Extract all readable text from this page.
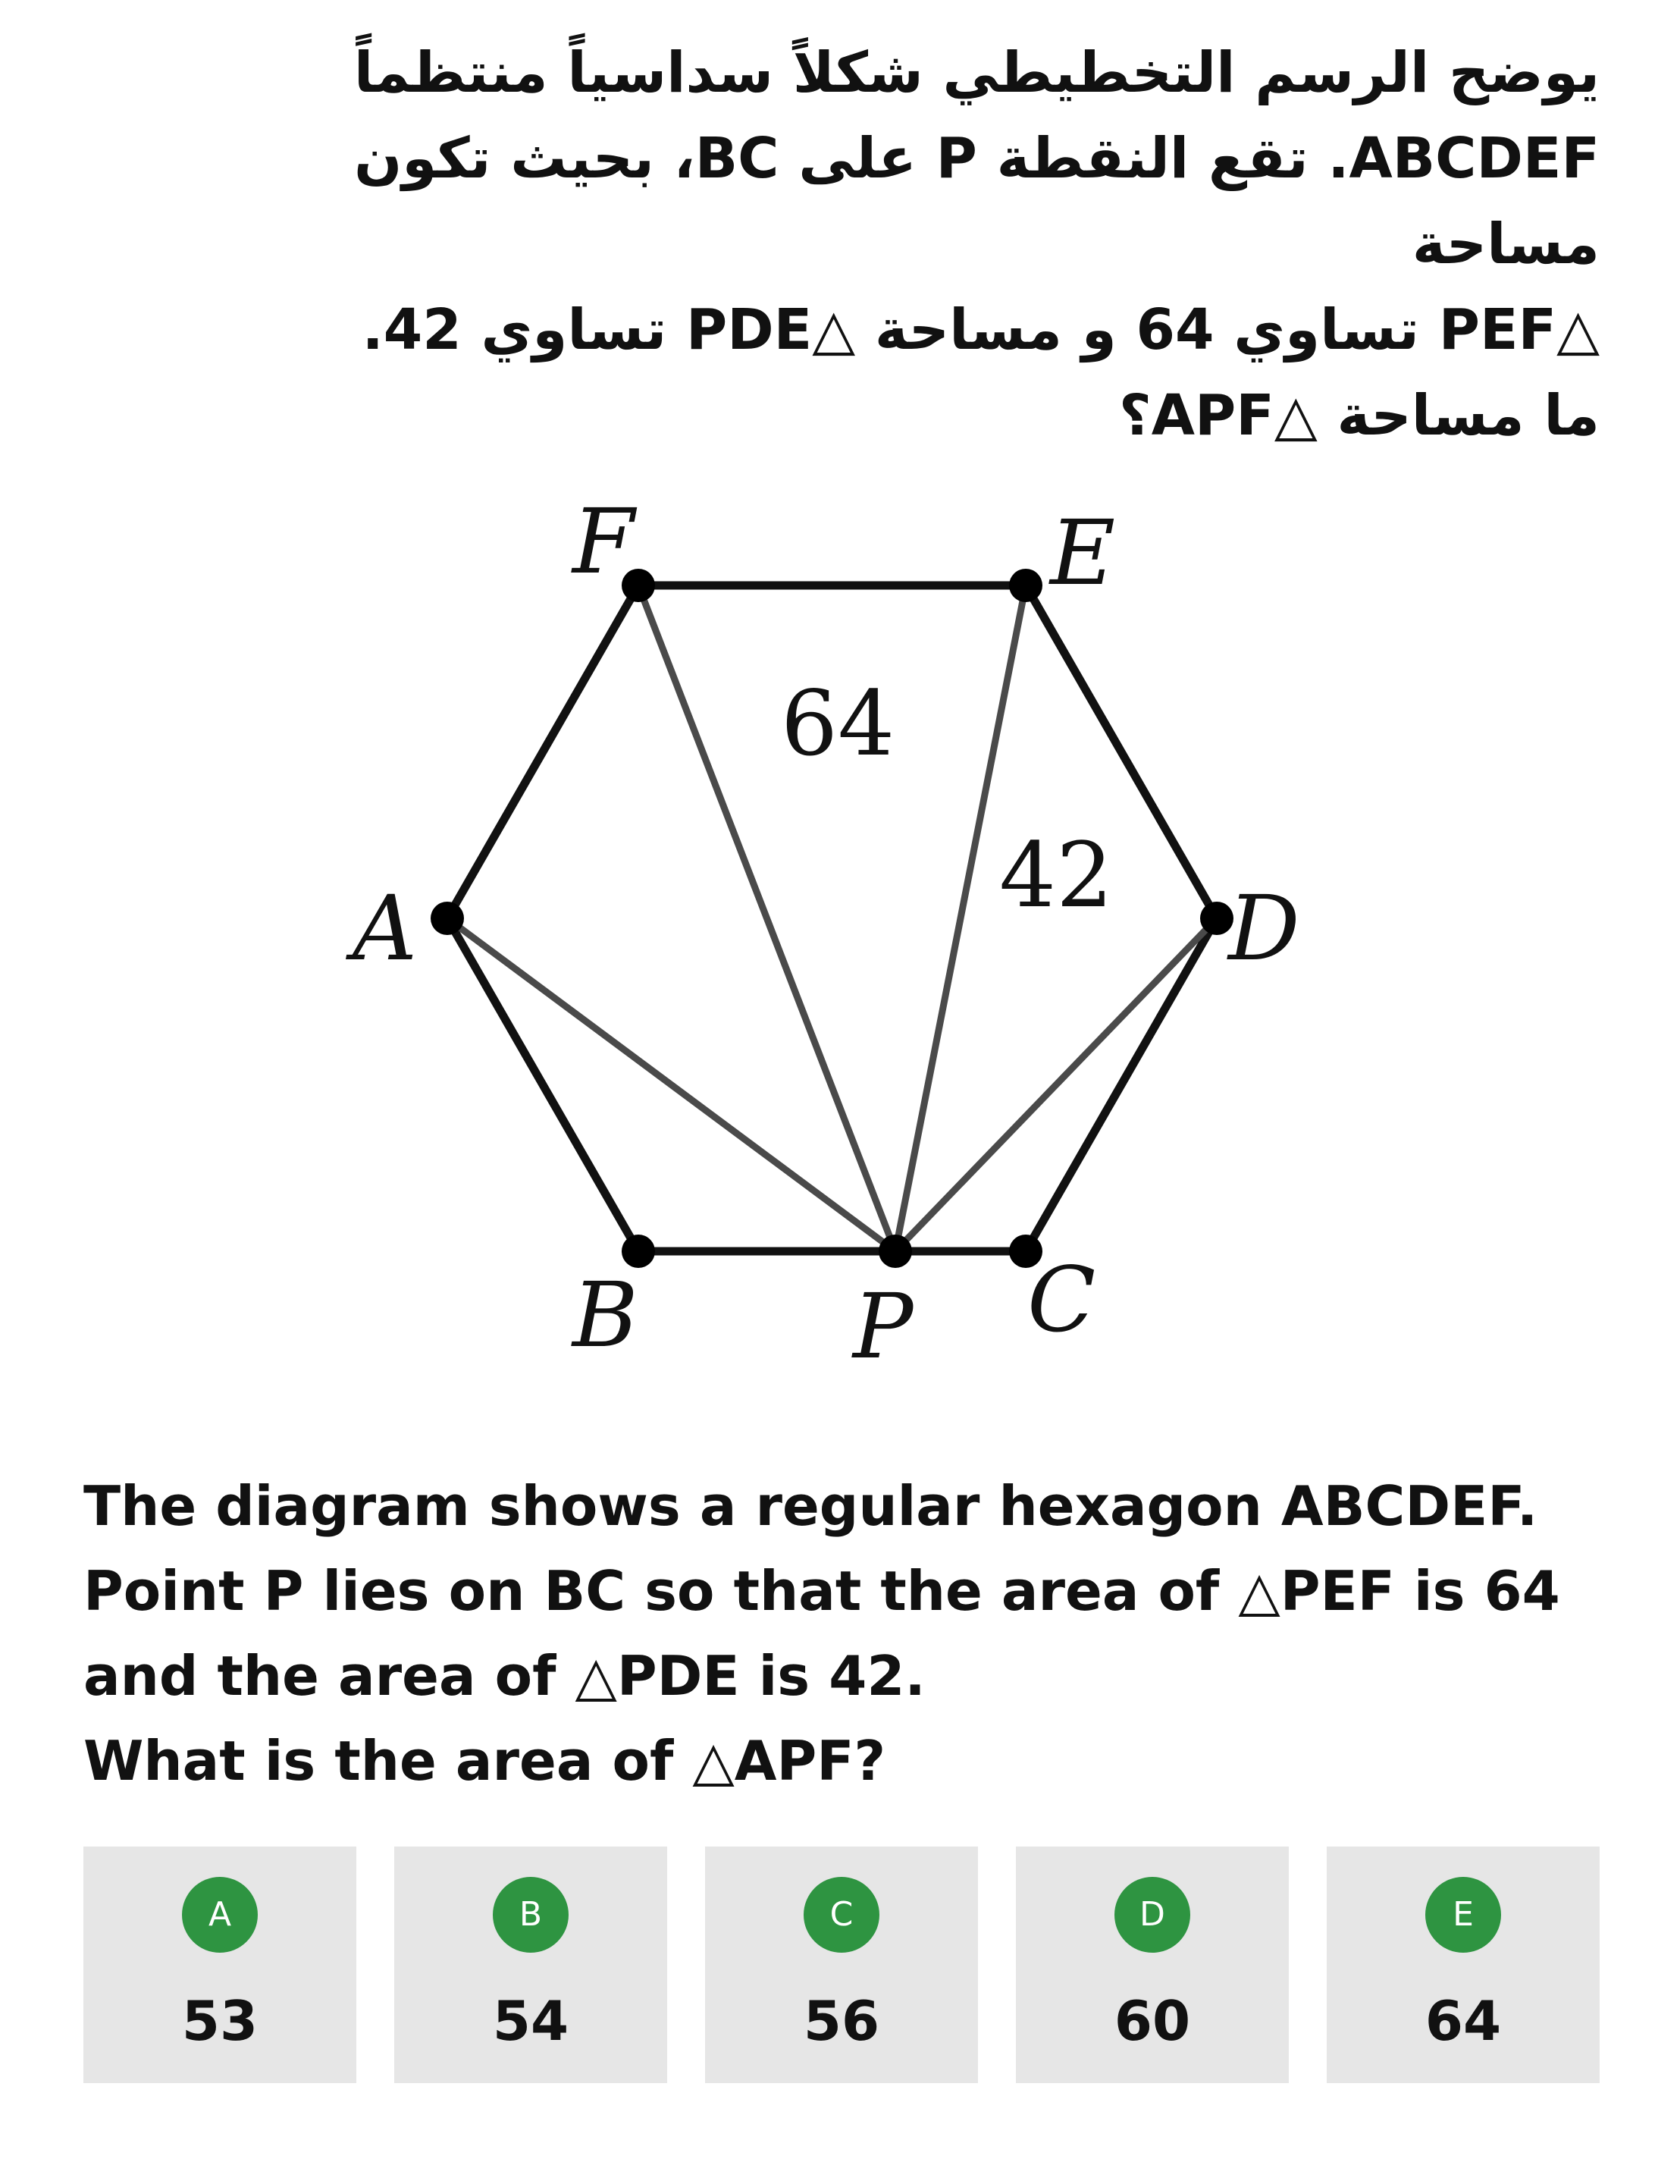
يوضح الرسم التخطيطي شكلاً سداسياً منتظماً

ABCDEF. تقع النقطة P على BC، بحيث تكون مساحة

△PEF تساوي 64 و مساحة △PDE تساوي 42.

ما مساحة △APF؟

F	E
A	D
B P C
64
42

The diagram shows a regular hexagon ABCDEF.

Point P lies on BC so that the area of △PEF is 64

and the area of △PDE is 42.

What is the area of △APF?

A
53
B
54
C
56
D
60
E
64
